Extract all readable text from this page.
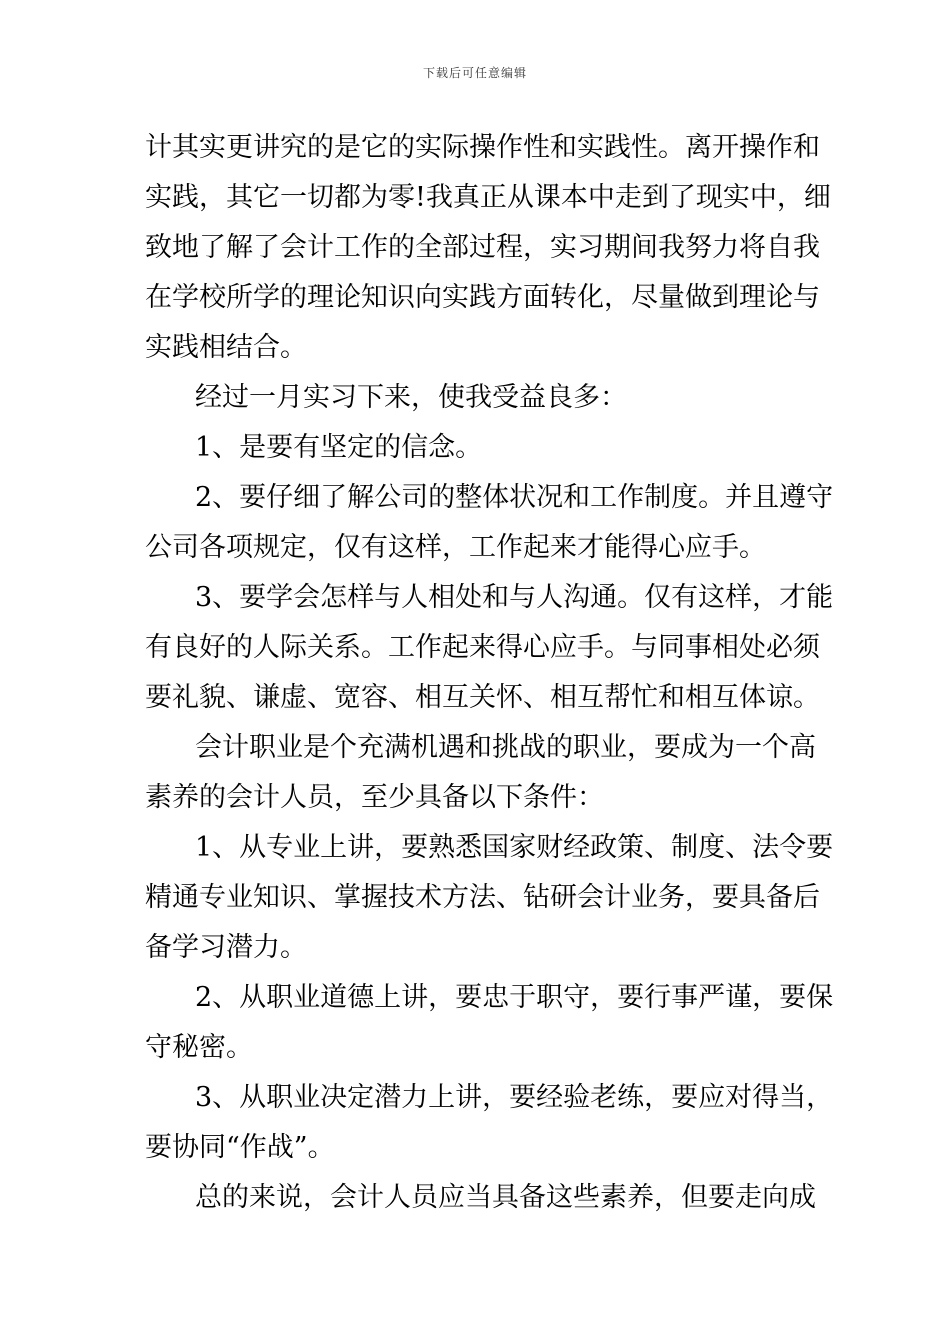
下载后可任意编辑
计其实更讲究的是它的实际操作性和实践性。离开操作和
实践，其它一切都为零!我真正从课本中走到了现实中，细
致地了解了会计工作的全部过程，实习期间我努力将自我
在学校所学的理论知识向实践方面转化，尽量做到理论与
实践相结合。
经过一月实习下来，使我受益良多：
1、是要有坚定的信念。
2、要仔细了解公司的整体状况和工作制度。并且遵守
公司各项规定，仅有这样，工作起来才能得心应手。
3、要学会怎样与人相处和与人沟通。仅有这样，才能
有良好的人际关系。工作起来得心应手。与同事相处必须
要礼貌、谦虚、宽容、相互关怀、相互帮忙和相互体谅。
会计职业是个充满机遇和挑战的职业，要成为一个高
素养的会计人员，至少具备以下条件：
1、从专业上讲，要熟悉国家财经政策、制度、法令要
精通专业知识、掌握技术方法、钻研会计业务，要具备后
备学习潜力。
2、从职业道德上讲，要忠于职守，要行事严谨，要保
守秘密。
3、从职业决定潜力上讲，要经验老练，要应对得当，
要协同“作战”。
总的来说，会计人员应当具备这些素养，但要走向成
